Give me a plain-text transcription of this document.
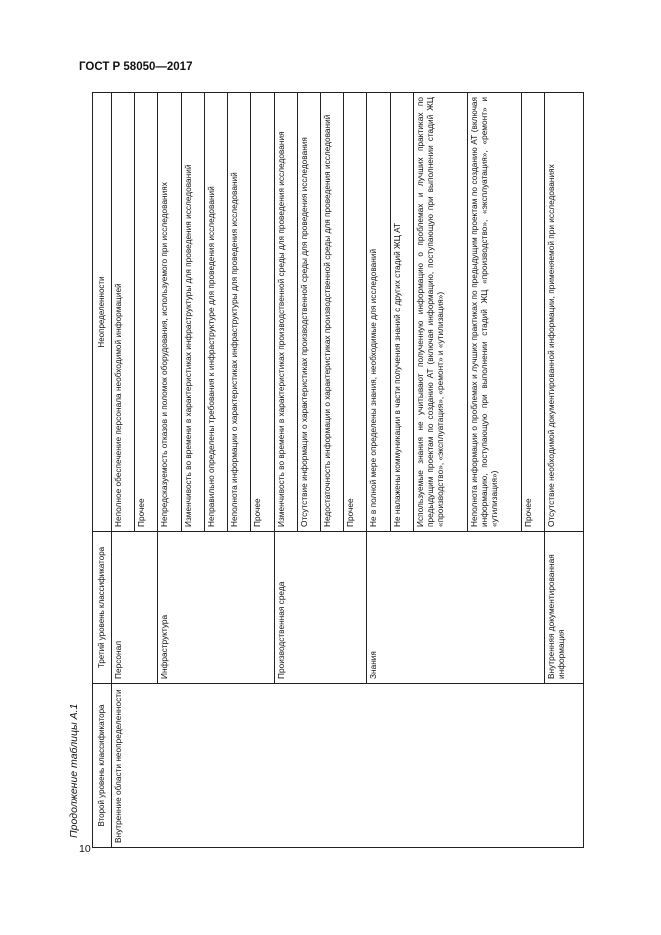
ГОСТ Р 58050—2017
Продолжение таблицы А.1
10
Второй уровень классификатора	Третий уровень классификатора	Неопределенности
Внутренние области неопределенности	Персонал	Неполное обеспечение персонала необходимой информацией
		Прочее
	Инфраструктура	Непредсказуемость отказов и поломок оборудования, используемого при исследованиях
		Изменчивость во времени в характеристиках инфраструктуры для проведения исследований
		Неправильно определены требования к инфраструктуре для проведения исследований
		Неполнота информации о характеристиках инфраструктуры для проведения исследований
		Прочее
	Производственная среда	Изменчивость во времени в характеристиках производственной среды для проведения исследования
		Отсутствие информации о характеристиках производственной среды для проведения исследования
		Недостаточность информации о характеристиках производственной среды для проведения исследований
		Прочее
	Знания	Не в полной мере определены знания, необходимые для исследований
		Не налажены коммуникации в части получения знаний с других стадий ЖЦ АТ
		Используемые знания не учитывают полученную информацию о проблемах и лучших практиках по предыдущим проектам по созданию АТ (включая информацию, поступающую при выполнении стадий ЖЦ «производство», «эксплуатация», «ремонт» и «утилизация»)
		Неполнота информации о проблемах и лучших практиках по предыдущим проектам по созданию АТ (включая информацию, поступающую при выполнении стадий ЖЦ «производство», «эксплуатация», «ремонт» и «утилизация»)
		Прочее
	Внутренняя документированная информация	Отсутствие необходимой документированной информации, применяемой при исследованиях
